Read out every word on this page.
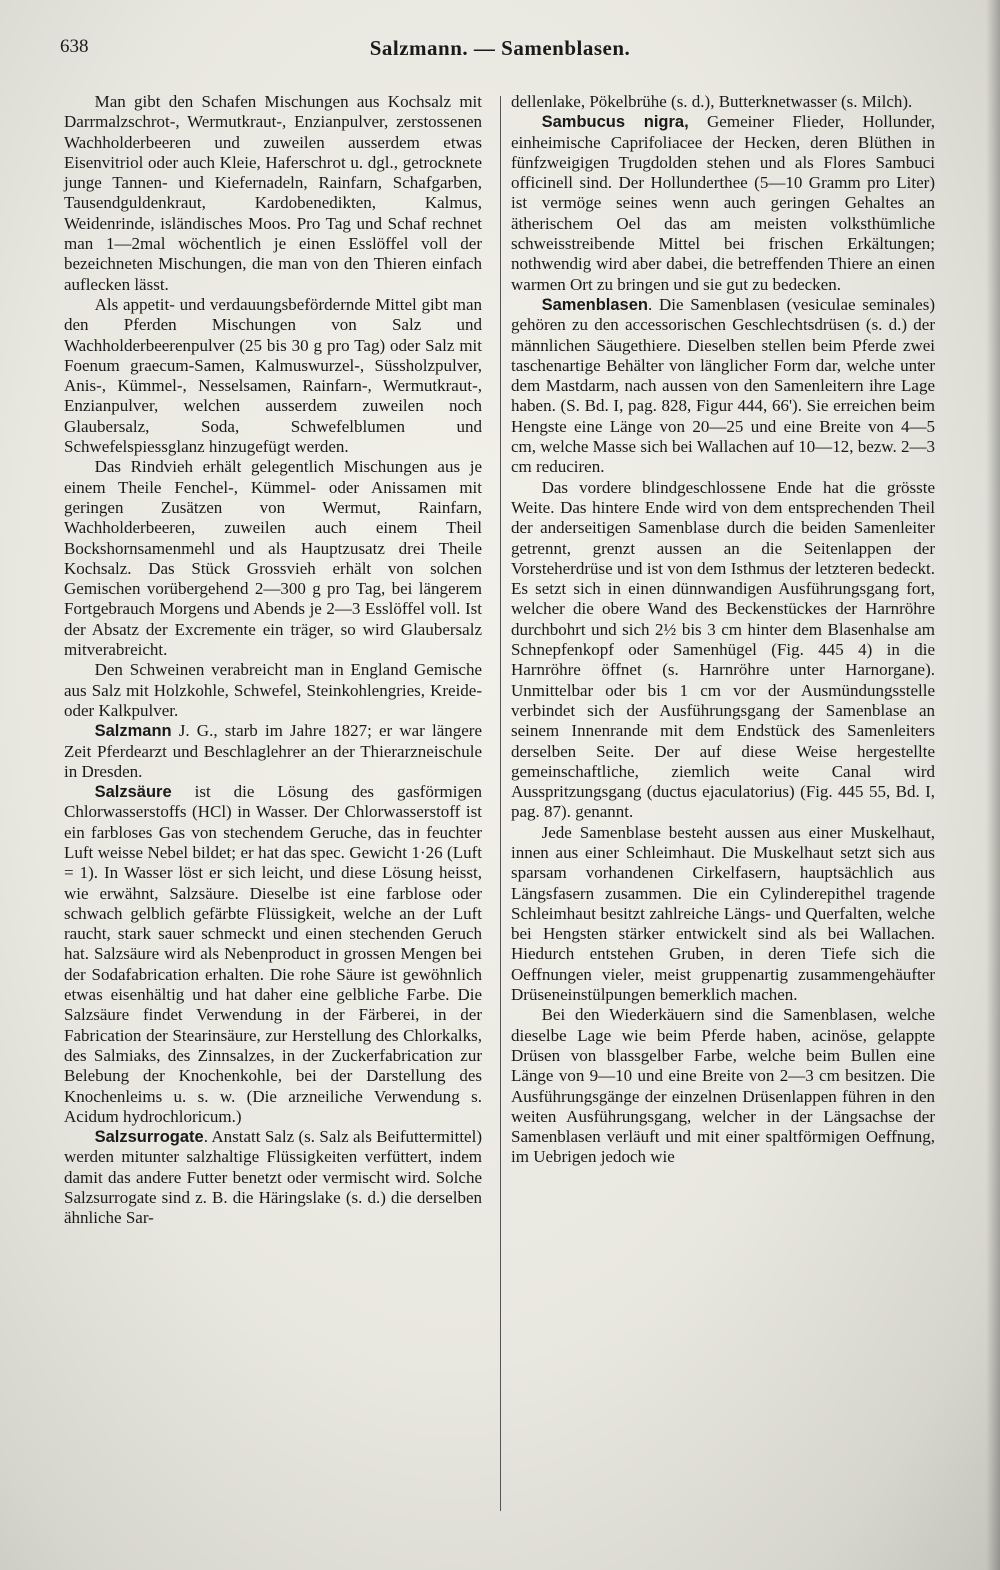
638	Salzmann. — Samenblasen.

Man gibt den Schafen Mischungen aus Kochsalz mit Darrmalzschrot-, Wermutkraut-, Enzianpulver, zerstossenen Wachholderbeeren und zuweilen ausserdem etwas Eisenvitriol oder auch Kleie, Haferschrot u. dgl., getrocknete junge Tannen- und Kiefernadeln, Rainfarn, Schafgarben, Tausendguldenkraut, Kardobenedikten, Kalmus, Weidenrinde, isländisches Moos. Pro Tag und Schaf rechnet man 1—2mal wöchentlich je einen Esslöffel voll der bezeichneten Mischungen, die man von den Thieren einfach auflecken lässt.

Als appetit- und verdauungsbefördernde Mittel gibt man den Pferden Mischungen von Salz und Wachholderbeerenpulver (25 bis 30 g pro Tag) oder Salz mit Foenum graecum-Samen, Kalmuswurzel-, Süssholzpulver, Anis-, Kümmel-, Nesselsamen, Rainfarn-, Wermutkraut-, Enzianpulver, welchen ausserdem zuweilen noch Glaubersalz, Soda, Schwefelblumen und Schwefelspiessglanz hinzugefügt werden.

Das Rindvieh erhält gelegentlich Mischungen aus je einem Theile Fenchel-, Kümmel- oder Anissamen mit geringen Zusätzen von Wermut, Rainfarn, Wachholderbeeren, zuweilen auch einem Theil Bockshornsamenmehl und als Hauptzusatz drei Theile Kochsalz. Das Stück Grossvieh erhält von solchen Gemischen vorübergehend 2—300 g pro Tag, bei längerem Fortgebrauch Morgens und Abends je 2—3 Esslöffel voll. Ist der Absatz der Excremente ein träger, so wird Glaubersalz mitverabreicht.

Den Schweinen verabreicht man in England Gemische aus Salz mit Holzkohle, Schwefel, Steinkohlengries, Kreide- oder Kalkpulver.

Salzmann J. G., starb im Jahre 1827; er war längere Zeit Pferdearzt und Beschlaglehrer an der Thierarzneischule in Dresden.

Salzsäure ist die Lösung des gasförmigen Chlorwasserstoffs (HCl) in Wasser. Der Chlorwasserstoff ist ein farbloses Gas von stechendem Geruche, das in feuchter Luft weisse Nebel bildet; er hat das spec. Gewicht 1·26 (Luft = 1). In Wasser löst er sich leicht, und diese Lösung heisst, wie erwähnt, Salzsäure. Dieselbe ist eine farblose oder schwach gelblich gefärbte Flüssigkeit, welche an der Luft raucht, stark sauer schmeckt und einen stechenden Geruch hat. Salzsäure wird als Nebenproduct in grossen Mengen bei der Sodafabrication erhalten. Die rohe Säure ist gewöhnlich etwas eisenhältig und hat daher eine gelbliche Farbe. Die Salzsäure findet Verwendung in der Färberei, in der Fabrication der Stearinsäure, zur Herstellung des Chlorkalks, des Salmiaks, des Zinnsalzes, in der Zuckerfabrication zur Belebung der Knochenkohle, bei der Darstellung des Knochenleims u. s. w. (Die arzneiliche Verwendung s. Acidum hydrochloricum.)

Salzsurrogate. Anstatt Salz (s. Salz als Beifuttermittel) werden mitunter salzhaltige Flüssigkeiten verfüttert, indem damit das andere Futter benetzt oder vermischt wird. Solche Salzsurrogate sind z. B. die Häringslake (s. d.) die derselben ähnliche Sar-

dellenlake, Pökelbrühe (s. d.), Butterknetwasser (s. Milch).

Sambucus nigra, Gemeiner Flieder, Hollunder, einheimische Caprifoliacee der Hecken, deren Blüthen in fünfzweigigen Trugdolden stehen und als Flores Sambuci officinell sind. Der Hollunderthee (5—10 Gramm pro Liter) ist vermöge seines wenn auch geringen Gehaltes an ätherischem Oel das am meisten volksthümliche schweisstreibende Mittel bei frischen Erkältungen; nothwendig wird aber dabei, die betreffenden Thiere an einen warmen Ort zu bringen und sie gut zu bedecken.

Samenblasen. Die Samenblasen (vesiculae seminales) gehören zu den accessorischen Geschlechtsdrüsen (s. d.) der männlichen Säugethiere. Dieselben stellen beim Pferde zwei taschenartige Behälter von länglicher Form dar, welche unter dem Mastdarm, nach aussen von den Samenleitern ihre Lage haben. (S. Bd. I, pag. 828, Figur 444, 66'). Sie erreichen beim Hengste eine Länge von 20—25 und eine Breite von 4—5 cm, welche Masse sich bei Wallachen auf 10—12, bezw. 2—3 cm reduciren.

Das vordere blindgeschlossene Ende hat die grösste Weite. Das hintere Ende wird von dem entsprechenden Theil der anderseitigen Samenblase durch die beiden Samenleiter getrennt, grenzt aussen an die Seitenlappen der Vorsteherdrüse und ist von dem Isthmus der letzteren bedeckt. Es setzt sich in einen dünnwandigen Ausführungsgang fort, welcher die obere Wand des Beckenstückes der Harnröhre durchbohrt und sich 2½ bis 3 cm hinter dem Blasenhalse am Schnepfenkopf oder Samenhügel (Fig. 445 4) in die Harnröhre öffnet (s. Harnröhre unter Harnorgane). Unmittelbar oder bis 1 cm vor der Ausmündungsstelle verbindet sich der Ausführungsgang der Samenblase an seinem Innenrande mit dem Endstück des Samenleiters derselben Seite. Der auf diese Weise hergestellte gemeinschaftliche, ziemlich weite Canal wird Ausspritzungsgang (ductus ejaculatorius) (Fig. 445 55, Bd. I, pag. 87). genannt.

Jede Samenblase besteht aussen aus einer Muskelhaut, innen aus einer Schleimhaut. Die Muskelhaut setzt sich aus sparsam vorhandenen Cirkelfasern, hauptsächlich aus Längsfasern zusammen. Die ein Cylinderepithel tragende Schleimhaut besitzt zahlreiche Längs- und Querfalten, welche bei Hengsten stärker entwickelt sind als bei Wallachen. Hiedurch entstehen Gruben, in deren Tiefe sich die Oeffnungen vieler, meist gruppenartig zusammengehäufter Drüseneinstülpungen bemerklich machen.

Bei den Wiederkäuern sind die Samenblasen, welche dieselbe Lage wie beim Pferde haben, acinöse, gelappte Drüsen von blassgelber Farbe, welche beim Bullen eine Länge von 9—10 und eine Breite von 2—3 cm besitzen. Die Ausführungsgänge der einzelnen Drüsenlappen führen in den weiten Ausführungsgang, welcher in der Längsachse der Samenblasen verläuft und mit einer spaltförmigen Oeffnung, im Uebrigen jedoch wie
